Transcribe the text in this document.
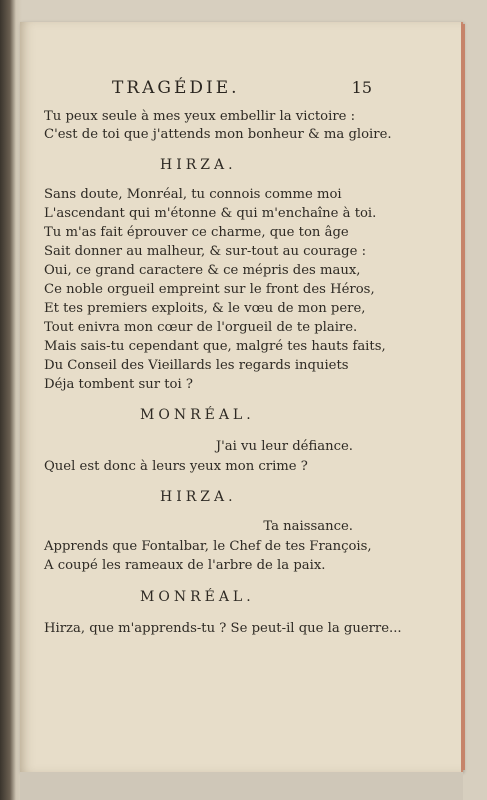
TRAGÉDIE.	15
Tu peux seule à mes yeux embellir la victoire :
C'est de toi que j'attends mon bonheur & ma gloire.
HIRZA.
Sans doute, Monréal, tu connois comme moi
L'ascendant qui m'étonne & qui m'enchaîne à toi.
Tu m'as fait éprouver ce charme, que ton âge
Sait donner au malheur, & sur-tout au courage :
Oui, ce grand caractere & ce mépris des maux,
Ce noble orgueil empreint sur le front des Héros,
Et tes premiers exploits, & le vœu de mon pere,
Tout enivra mon cœur de l'orgueil de te plaire.
Mais sais-tu cependant que, malgré tes hauts faits,
Du Conseil des Vieillards les regards inquiets
Déja tombent sur toi ?
MONRÉAL.
J'ai vu leur défiance.
Quel est donc à leurs yeux mon crime ?
HIRZA.
Ta naissance.
Apprends que Fontalbar, le Chef de tes François,
A coupé les rameaux de l'arbre de la paix.
MONRÉAL.
Hirza, que m'apprends-tu ? Se peut-il que la guerre...
